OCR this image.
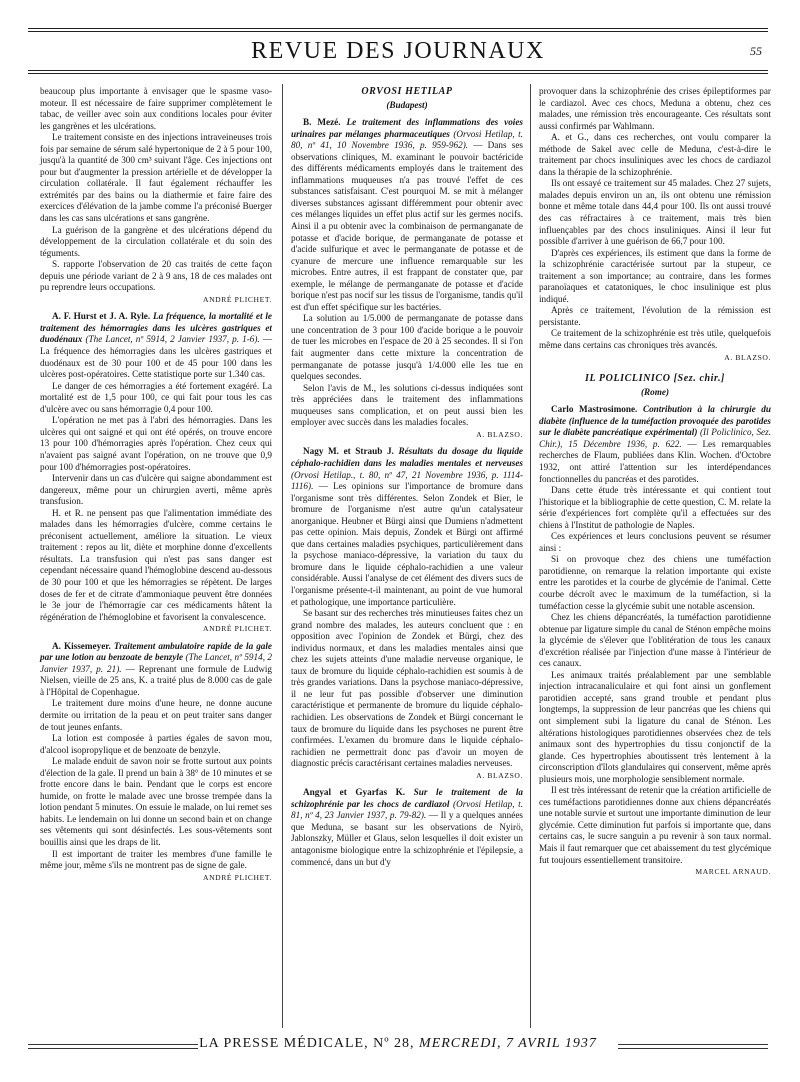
REVUE DES JOURNAUX	55

beaucoup plus importante à envisager que le spasme vaso-moteur. Il est nécessaire de faire supprimer complètement le tabac, de veiller avec soin aux conditions locales pour éviter les gangrènes et les ulcérations.

Le traitement consiste en des injections intraveineuses trois fois par semaine de sérum salé hypertonique de 2 à 5 pour 100, jusqu'à la quantité de 300 cm³ suivant l'âge. Ces injections ont pour but d'augmenter la pression artérielle et de développer la circulation collatérale. Il faut également réchauffer les extrémités par des bains ou la diathermie et faire faire des exercices d'élévation de la jambe comme l'a préconisé Buerger dans les cas sans ulcérations et sans gangrène.

La guérison de la gangrène et des ulcérations dépend du développement de la circulation collatérale et du soin des téguments.

S. rapporte l'observation de 20 cas traités de cette façon depuis une période variant de 2 à 9 ans, 18 de ces malades ont pu reprendre leurs occupations.

ANDRÉ PLICHET.

A. F. Hurst et J. A. Ryle. La fréquence, la mortalité et le traitement des hémorragies dans les ulcères gastriques et duodénaux (The Lancet, nº 5914, 2 Janvier 1937, p. 1-6). — La fréquence des hémorragies dans les ulcères gastriques et duodénaux est de 30 pour 100 et de 45 pour 100 dans les ulcères post-opératoires. Cette statistique porte sur 1.340 cas.

Le danger de ces hémorragies a été fortement exagéré. La mortalité est de 1,5 pour 100, ce qui fait pour tous les cas d'ulcère avec ou sans hémorragie 0,4 pour 100.

L'opération ne met pas à l'abri des hémorragies. Dans les ulcères qui ont saigné et qui ont été opérés, on trouve encore 13 pour 100 d'hémorragies après l'opération. Chez ceux qui n'avaient pas saigné avant l'opération, on ne trouve que 0,9 pour 100 d'hémorragies post-opératoires.

Intervenir dans un cas d'ulcère qui saigne abondamment est dangereux, même pour un chirurgien averti, même après transfusion.

H. et R. ne pensent pas que l'alimentation immédiate des malades dans les hémorragies d'ulcère, comme certains le préconisent actuellement, améliore la situation. Le vieux traitement : repos au lit, diète et morphine donne d'excellents résultats. La transfusion qui n'est pas sans danger est cependant nécessaire quand l'hémoglobine descend au-dessous de 30 pour 100 et que les hémorragies se répètent. De larges doses de fer et de citrate d'ammoniaque peuvent être données le 3e jour de l'hémorragie car ces médicaments hâtent la régénération de l'hémoglobine et favorisent la convalescence.

ANDRÉ PLICHET.

A. Kissemeyer. Traitement ambulatoire rapide de la gale par une lotion au benzoate de benzyle (The Lancet, nº 5914, 2 Janvier 1937, p. 21). — Reprenant une formule de Ludwig Nielsen, vieille de 25 ans, K. a traité plus de 8.000 cas de gale à l'Hôpital de Copenhague.

Le traitement dure moins d'une heure, ne donne aucune dermite ou irritation de la peau et on peut traiter sans danger de tout jeunes enfants.

La lotion est composée à parties égales de savon mou, d'alcool isopropylique et de benzoate de benzyle.

Le malade enduit de savon noir se frotte surtout aux points d'élection de la gale. Il prend un bain à 38° de 10 minutes et se frotte encore dans le bain. Pendant que le corps est encore humide, on frotte le malade avec une brosse trempée dans la lotion pendant 5 minutes. On essuie le malade, on lui remet ses habits. Le lendemain on lui donne un second bain et on change ses vêtements qui sont désinfectés. Les sous-vêtements sont bouillis ainsi que les draps de lit.

Il est important de traiter les membres d'une famille le même jour, même s'ils ne montrent pas de signe de gale.

ANDRÉ PLICHET.

ORVOSI HETILAP
(Budapest)

B. Mezé. Le traitement des inflammations des voies urinaires par mélanges pharmaceutiques (Orvosi Hetilap, t. 80, nº 41, 10 Novembre 1936, p. 959-962). — Dans ses observations cliniques, M. examinant le pouvoir bactéricide des différents médicaments employés dans le traitement des inflammations muqueuses n'a pas trouvé l'effet de ces substances satisfaisant. C'est pourquoi M. se mit à mélanger diverses substances agissant différemment pour obtenir avec ces mélanges liquides un effet plus actif sur les germes nocifs. Ainsi il a pu obtenir avec la combinaison de permanganate de potasse et d'acide borique, de permanganate de potasse et d'acide sulfurique et avec le permanganate de potasse et de cyanure de mercure une influence remarquable sur les microbes. Entre autres, il est frappant de constater que, par exemple, le mélange de permanganate de potasse et d'acide borique n'est pas nocif sur les tissus de l'organisme, tandis qu'il est d'un effet spécifique sur les bactéries.

La solution au 1/5.000 de permanganate de potasse dans une concentration de 3 pour 100 d'acide borique a le pouvoir de tuer les microbes en l'espace de 20 à 25 secondes. Il si l'on fait augmenter dans cette mixture la concentration de permanganate de potasse jusqu'à 1/4.000 elle les tue en quelques secondes.

Selon l'avis de M., les solutions ci-dessus indiquées sont très appréciées dans le traitement des inflammations muqueuses sans complication, et on peut aussi bien les employer avec succès dans les maladies focales.

A. BLAZSO.

Nagy M. et Straub J. Résultats du dosage du liquide céphalo-rachidien dans les maladies mentales et nerveuses (Orvosi Hetilap., t. 80, nº 47, 21 Novembre 1936, p. 1114-1116). — Les opinions sur l'importance de bromure dans l'organisme sont très différentes. Selon Zondek et Bier, le bromure de l'organisme n'est autre qu'un catalysateur anorganique. Heubner et Bürgi ainsi que Dumiens n'admettent pas cette opinion. Mais depuis, Zondek et Bürgi ont affirmé que dans certaines maladies psychiques, particulièrement dans la psychose maniaco-dépressive, la variation du taux du bromure dans le liquide céphalo-rachidien a une valeur considérable. Aussi l'analyse de cet élément des divers sucs de l'organisme présente-t-il maintenant, au point de vue humoral et pathologique, une importance particulière.

Se basant sur des recherches très minutieuses faites chez un grand nombre des malades, les auteurs concluent que : en opposition avec l'opinion de Zondek et Bürgi, chez des individus normaux, et dans les maladies mentales ainsi que chez les sujets atteints d'une maladie nerveuse organique, le taux de bromure du liquide céphalo-rachidien est soumis à de très grandes variations. Dans la psychose maniaco-dépressive, il ne leur fut pas possible d'observer une diminution caractéristique et permanente de bromure du liquide céphalo-rachidien. Les observations de Zondek et Bürgi concernant le taux de bromure du liquide dans les psychoses ne purent être confirmées. L'examen du bromure dans le liquide céphalo-rachidien ne permettrait donc pas d'avoir un moyen de diagnostic précis caractérisant certaines maladies nerveuses.

A. BLAZSO.

Angyal et Gyarfas K. Sur le traitement de la schizophrénie par les chocs de cardiazol (Orvosi Hetilap, t. 81, nº 4, 23 Janvier 1937, p. 79-82). — Il y a quelques années que Meduna, se basant sur les observations de Nyirö, Jablonszky, Müller et Glaus, selon lesquelles il doit exister un antagonisme biologique entre la schizophrénie et l'épilepsie, a commencé, dans un but d'y

provoquer dans la schizophrénie des crises épileptiformes par le cardiazol. Avec ces chocs, Meduna a obtenu, chez ces malades, une rémission très encourageante. Ces résultats sont aussi confirmés par Wahlmann.

A. et G., dans ces recherches, ont voulu comparer la méthode de Sakel avec celle de Meduna, c'est-à-dire le traitement par chocs insuliniques avec les chocs de cardiazol dans la thérapie de la schizophrénie.

Ils ont essayé ce traitement sur 45 malades. Chez 27 sujets, malades depuis environ un an, ils ont obtenu une rémission bonne et même totale dans 44,4 pour 100. Ils ont aussi trouvé des cas réfractaires à ce traitement, mais très bien influençables par des chocs insuliniques. Ainsi il leur fut possible d'arriver à une guérison de 66,7 pour 100.

D'après ces expériences, ils estiment que dans la forme de la schizophrénie caractérisée surtout par la stupeur, ce traitement a son importance; au contraire, dans les formes paranoïaques et catatoniques, le choc insulinique est plus indiqué.

Après ce traitement, l'évolution de la rémission est persistante.

Ce traitement de la schizophrénie est très utile, quelquefois même dans certains cas chroniques très avancés.

A. BLAZSO.

IL POLICLINICO [Sez. chir.]
(Rome)

Carlo Mastrosimone. Contribution à la chirurgie du diabète (influence de la tuméfaction provoquée des parotides sur le diabète pancréatique expérimental) (Il Policlinico, Sez. Chir.), 15 Décembre 1936, p. 622. — Les remarquables recherches de Flaum, publiées dans Klin. Wochen. d'Octobre 1932, ont attiré l'attention sur les interdépendances fonctionnelles du pancréas et des parotides.

Dans cette étude très intéressante et qui contient tout l'historique et la bibliographie de cette question, C. M. relate la série d'expériences fort complète qu'il a effectuées sur des chiens à l'Institut de pathologie de Naples.

Ces expériences et leurs conclusions peuvent se résumer ainsi :

Si on provoque chez des chiens une tuméfaction parotidienne, on remarque la relation importante qui existe entre les parotides et la courbe de glycémie de l'animal. Cette courbe décroît avec le maximum de la tuméfaction, si la tuméfaction cesse la glycémie subit une notable ascension.

Chez les chiens dépancréatés, la tuméfaction parotidienne obtenue par ligature simple du canal de Sténon empêche moins la glycémie de s'élever que l'oblitération de tous les canaux d'excrétion réalisée par l'injection d'une masse à l'intérieur de ces canaux.

Les animaux traités préalablement par une semblable injection intracanaliculaire et qui font ainsi un gonflement parotidien accepté, sans grand trouble et pendant plus longtemps, la suppression de leur pancréas que les chiens qui ont simplement subi la ligature du canal de Sténon. Les altérations histologiques parotidiennes observées chez de tels animaux sont des hypertrophies du tissu conjonctif de la glande. Ces hypertrophies aboutissent très lentement à la circonscription d'îlots glandulaires qui conservent, même après plusieurs mois, une morphologie sensiblement normale.

Il est très intéressant de retenir que la création artificielle de ces tuméfactions parotidiennes donne aux chiens dépancréatés une notable survie et surtout une importante diminution de leur glycémie. Cette diminution fut parfois si importante que, dans certains cas, le sucre sanguin a pu revenir à son taux normal. Mais il faut remarquer que cet abaissement du test glycémique fut toujours essentiellement transitoire.

MARCEL ARNAUD.

LA PRESSE MÉDICALE, Nº 28, MERCREDI, 7 AVRIL 1937
